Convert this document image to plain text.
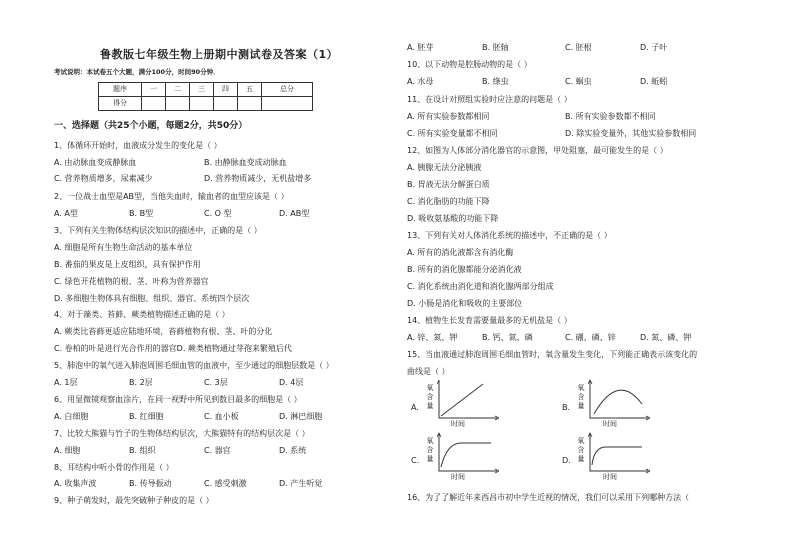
鲁教版七年级生物上册期中测试卷及答案（1）
考试说明：本试卷五个大题，满分100分，时间90分钟．
题序	一	二	三	四	五	总分
得分						
一、选择题（共25个小题，每题2分，共50分）
1、体循环开始时，血液成分发生的变化是（ ）
A. 由动脉血变成静脉血	B. 由静脉血变成动脉血
C. 营养物质增多，尿素减少	D. 营养物质减少，无机盐增多
2、一位战士血型是AB型，当他失血时，输血者的血型应该是（ ）
A. A型	B. B型	C. O 型	D. AB型
3、下列有关生物体结构层次知识的描述中，正确的是（ ）
A. 细胞是所有生物生命活动的基本单位
B. 番茄的果皮是上皮组织，具有保护作用
C. 绿色开花植物的根、茎、叶称为营养器官
D. 多细胞生物体具有细胞、组织、器官、系统四个层次
4、对于藻类、苔藓、蕨类植物描述正确的是（ ）
A. 蕨类比苔藓更适应陆地环境，苔藓植物有根、茎、叶的分化
C. 卷柏的叶是进行光合作用的器官D. 蕨类植物通过芽孢来繁殖后代
5、肺泡中的氧气进入肺泡周围毛细血管的血液中，至少通过的细胞层数是（ ）
A. 1层	B. 2层	C. 3层	D. 4层
6、用显微镜观察血涂片，在同一视野中所见到数目最多的细胞是（ ）
A. 白细胞	B. 红细胞	C. 血小板	D. 淋巴细胞
7、比较大熊猫与竹子的生物体结构层次，大熊猫特有的结构层次是（ ）
A. 细胞	B. 组织	C. 器官	D. 系统
8、耳结构中听小骨的作用是（ ）
A. 收集声波	B. 传导振动	C. 感受刺激	D. 产生听觉
9、种子萌发时，最先突破种子种皮的是（ ）
A. 胚芽	B. 胚轴	C. 胚根	D. 子叶
10、以下动物是腔肠动物的是（ ）
A. 水母	B. 绦虫	C. 蛔虫	D. 蚯蚓
11、在设计对照组实验时应注意的问题是（ ）
A. 所有实验参数都相同	B. 所有实验参数都不相同
C. 所有实验变量都不相同	D. 除实验变量外，其他实验参数相同
12、如图为人体部分消化器官的示意图，甲处阻塞，最可能发生的是（ ）
A. 胰腺无法分泌胰液
B. 胃液无法分解蛋白质
C. 消化脂肪的功能下降
D. 吸收氨基酸的功能下降
13、下列有关对人体消化系统的描述中，不正确的是（ ）
A. 所有的消化液都含有消化酶
B. 所有的消化腺都能分泌消化液
C. 消化系统由消化道和消化腺两部分组成
D. 小肠是消化和吸收的主要部位
14、植物生长发育需要量最多的无机盐是（ ）
A. 锌、氮、钾	B. 钙、氮、磷	C. 硼、磷、锌	D. 氮、磷、钾
15、当血液通过肺泡周围毛细血管时，氧含量发生变化，下列能正确表示该变化的
曲线是（ ）
A.
氧
含
量
时间
B.
氧
含
量
时间
C.
氧
含
量
时间
D.
氧
含
量
时间
16、为了了解近年来西昌市初中学生近视的情况，我们可以采用下列哪种方法（
